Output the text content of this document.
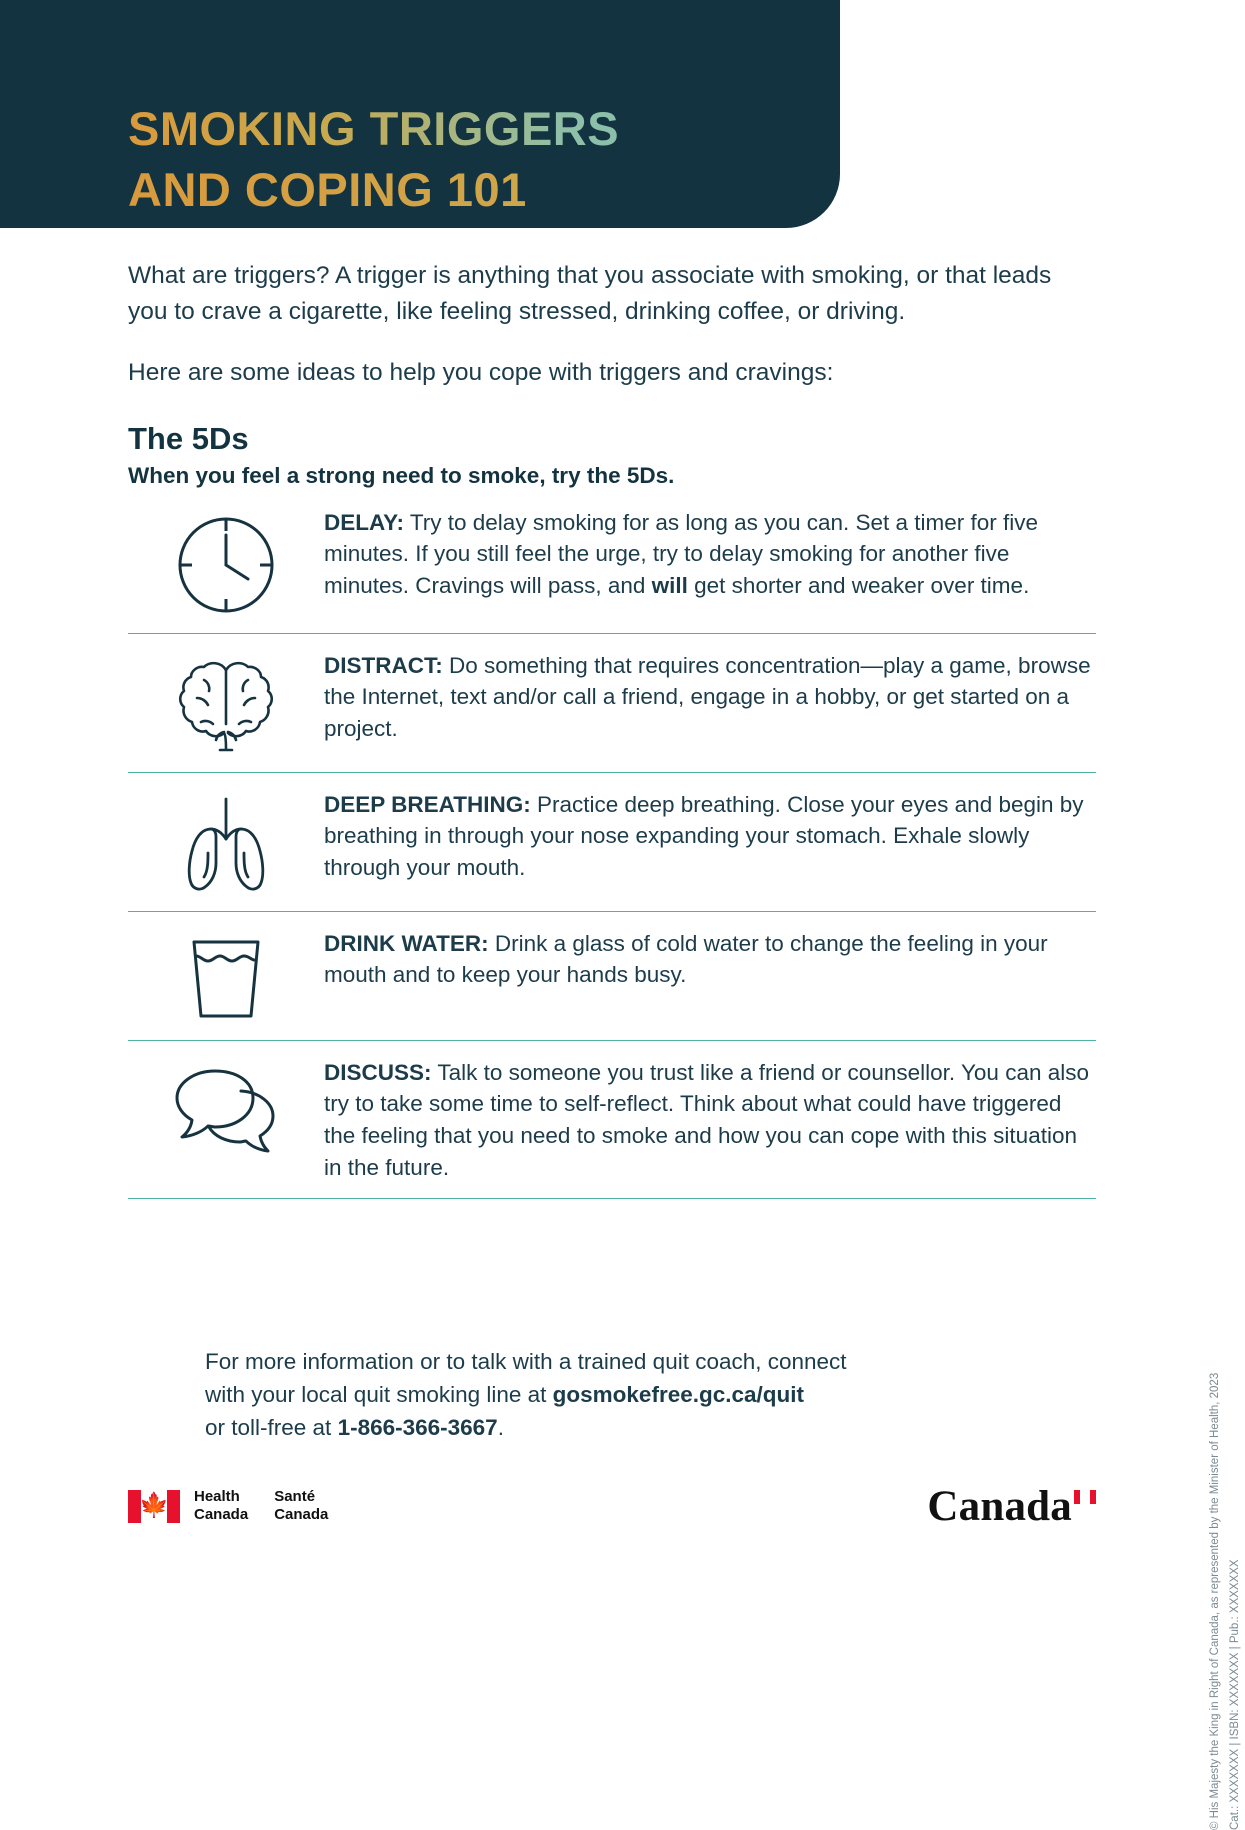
SMOKING TRIGGERS
AND COPING 101

What are triggers? A trigger is anything that you associate with smoking, or that leads you to crave a cigarette, like feeling stressed, drinking coffee, or driving.

Here are some ideas to help you cope with triggers and cravings:

The 5Ds

When you feel a strong need to smoke, try the 5Ds.

DELAY: Try to delay smoking for as long as you can. Set a timer for five minutes. If you still feel the urge, try to delay smoking for another five minutes. Cravings will pass, and will get shorter and weaker over time.
DISTRACT: Do something that requires concentration—play a game, browse the Internet, text and/or call a friend, engage in a hobby, or get started on a project.
DEEP BREATHING: Practice deep breathing. Close your eyes and begin by breathing in through your nose expanding your stomach. Exhale slowly through your mouth.
DRINK WATER: Drink a glass of cold water to change the feeling in your mouth and to keep your hands busy.
DISCUSS: Talk to someone you trust like a friend or counsellor. You can also try to take some time to self-reflect. Think about what could have triggered the feeling that you need to smoke and how you can cope with this situation in the future.
For more information or to talk with a trained quit coach, connect
with your local quit smoking line at gosmokefree.gc.ca/quit
or toll-free at 1-866-366-3667.
🍁 Health
Canada
Santé
Canada	Canada	© His Majesty the King in Right of Canada, as represented by the Minister of Health, 2023 Cat.: XXXXXXX | ISBN: XXXXXXX | Pub.: XXXXXXX
